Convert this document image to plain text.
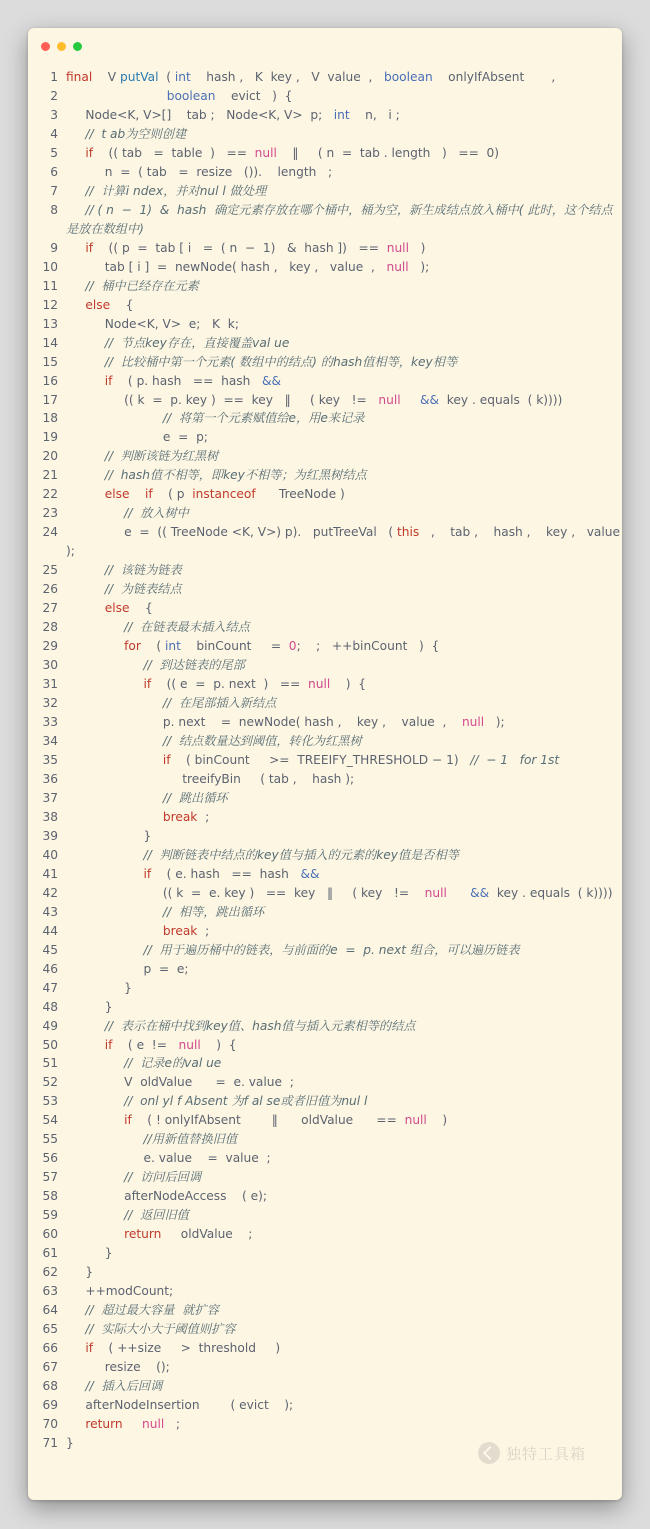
1 final    V putVal  ( int    hash ,   K  key ,   V  value  ,   boolean    onlyIfAbsent       ,
2	boolean    evict   )  {
3 Node<K, V>[]    tab ;   Node<K, V>  p;   int    n,   i ;
4 //  t ab为空则创建
5	if    (( tab   =  table  )   ==  null    ‖     ( n  =  tab . length   )   ==  0)
6 n  =  ( tab   =  resize   ()).    length   ;
7 //  计算i ndex，并对nul l 做处理
8 // ( n  −  1)  &  hash  确定元素存放在哪个桶中，桶为空，新生成结点放入桶中( 此时，这个结点是放在数组中)
9	if    (( p  =  tab [ i   =  ( n  −  1)   &  hash ])   ==  null   )
10 tab [ i ]  =  newNode( hash ,   key ,   value  ,   null   );
11 //  桶中已经存在元素
12	else    {
13 Node<K, V>  e;   K  k;
14 //  节点key存在，直接覆盖val ue
15 //  比较桶中第一个元素( 数组中的结点) 的hash值相等，key相等
16	if    ( p. hash   ==  hash   &&
17 (( k  =  p. key )  ==  key   ‖     ( key   !=   null &&  key . equals  ( k))))
18 //  将第一个元素赋值给e，用e来记录
19 e  =  p;
20 //  判断该链为红黑树
21 //  hash值不相等，即key不相等；为红黑树结点
22	else if    ( p  instanceof      TreeNode )
23 //  放入树中
24 e  =  (( TreeNode <K, V>) p).   putTreeVal   ( this   ,    tab ,    hash ,    key ,   value  );
25 //  该链为链表
26 //  为链表结点
27	else    {
28 //  在链表最末插入结点
29	for    ( int    binCount     =  0;    ;   ++binCount   )  {
30 //  到达链表的尾部
31	if    (( e  =  p. next  )   ==  null    )  {
32 //  在尾部插入新结点
33 p. next    =  newNode( hash ,    key ,    value  ,    null   );
34 //  结点数量达到阈值，转化为红黑树
35	if    ( binCount     >=  TREEIFY_THRESHOLD − 1)   //  − 1   for 1st
36 treeifyBin     ( tab ,    hash );
37 //  跳出循环
38	break  ;
39 }
40 //  判断链表中结点的key值与插入的元素的key值是否相等
41	if    ( e. hash   ==  hash   &&
42 (( k  =  e. key )   ==  key   ‖     ( key   !=    null &&  key . equals  ( k))))
43 //  相等，跳出循环
44	break  ;
45 //  用于遍历桶中的链表，与前面的e  =  p. next 组合，可以遍历链表
46 p  =  e;
47 }
48 }
49 //  表示在桶中找到key值、hash值与插入元素相等的结点
50	if    ( e  !=   null    )  {
51 //  记录e的val ue
52 V  oldValue      =  e. value  ;
53 //  onl yl f Absent 为f al se或者旧值为nul l
54	if    ( ! onlyIfAbsent        ‖      oldValue      ==  null    )
55 //用新值替换旧值
56 e. value    =  value  ;
57 //  访问后回调
58 afterNodeAccess    ( e);
59 //  返回旧值
60	return     oldValue    ;
61 }
62 }
63 ++modCount;
64 //  超过最大容量  就扩容
65 //  实际大小大于阈值则扩容
66	if    ( ++size     >  threshold     )
67 resize    ();
68 //  插入后回调
69 afterNodeInsertion        ( evict    );
70	return null   ;
71 }
独特工具箱
